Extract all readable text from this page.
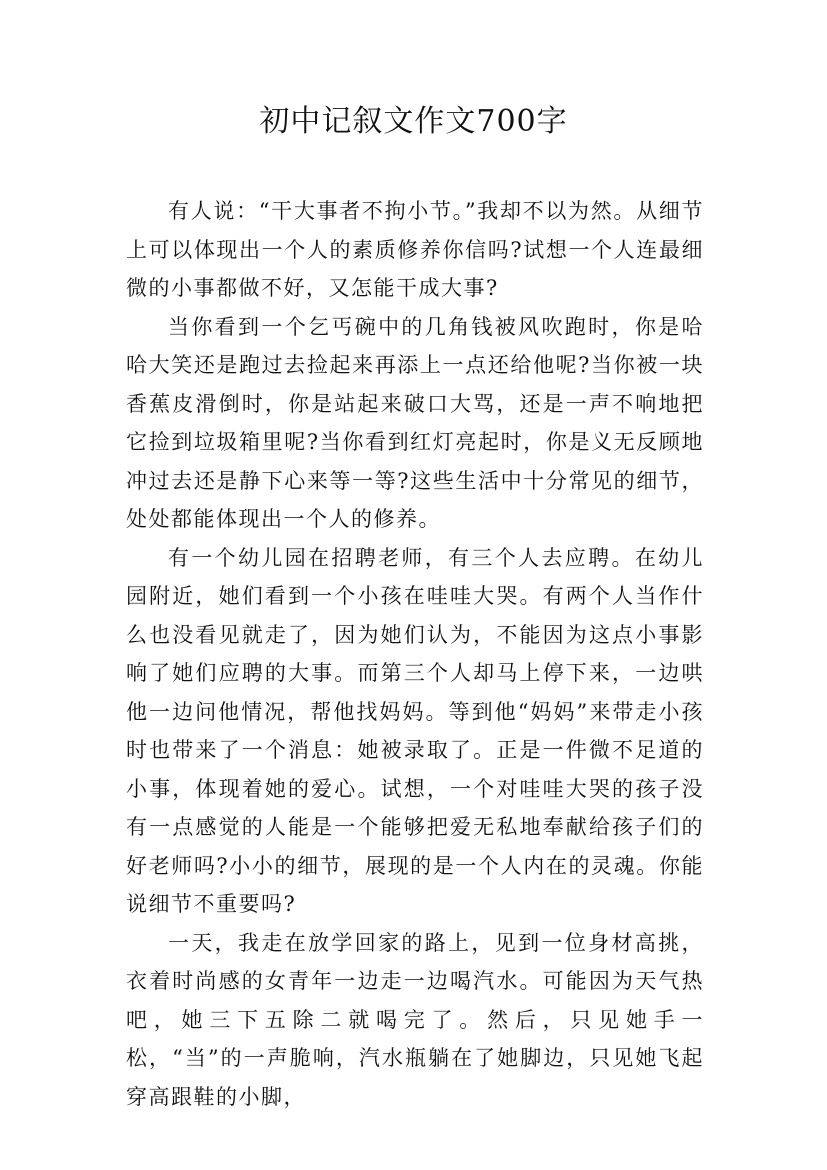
初中记叙文作文700字

有人说：“干大事者不拘小节。”我却不以为然。从细节上可以体现出一个人的素质修养你信吗?试想一个人连最细微的小事都做不好，又怎能干成大事?

当你看到一个乞丐碗中的几角钱被风吹跑时，你是哈哈大笑还是跑过去捡起来再添上一点还给他呢?当你被一块香蕉皮滑倒时，你是站起来破口大骂，还是一声不响地把它捡到垃圾箱里呢?当你看到红灯亮起时，你是义无反顾地冲过去还是静下心来等一等?这些生活中十分常见的细节，处处都能体现出一个人的修养。

有一个幼儿园在招聘老师，有三个人去应聘。在幼儿园附近，她们看到一个小孩在哇哇大哭。有两个人当作什么也没看见就走了，因为她们认为，不能因为这点小事影响了她们应聘的大事。而第三个人却马上停下来，一边哄他一边问他情况，帮他找妈妈。等到他“妈妈”来带走小孩时也带来了一个消息：她被录取了。正是一件微不足道的小事，体现着她的爱心。试想，一个对哇哇大哭的孩子没有一点感觉的人能是一个能够把爱无私地奉献给孩子们的好老师吗?小小的细节，展现的是一个人内在的灵魂。你能说细节不重要吗?

一天，我走在放学回家的路上，见到一位身材高挑，衣着时尚感的女青年一边走一边喝汽水。可能因为天气热吧，她三下五除二就喝完了。然后，只见她手一松，“当”的一声脆响，汽水瓶躺在了她脚边，只见她飞起穿高跟鞋的小脚，
